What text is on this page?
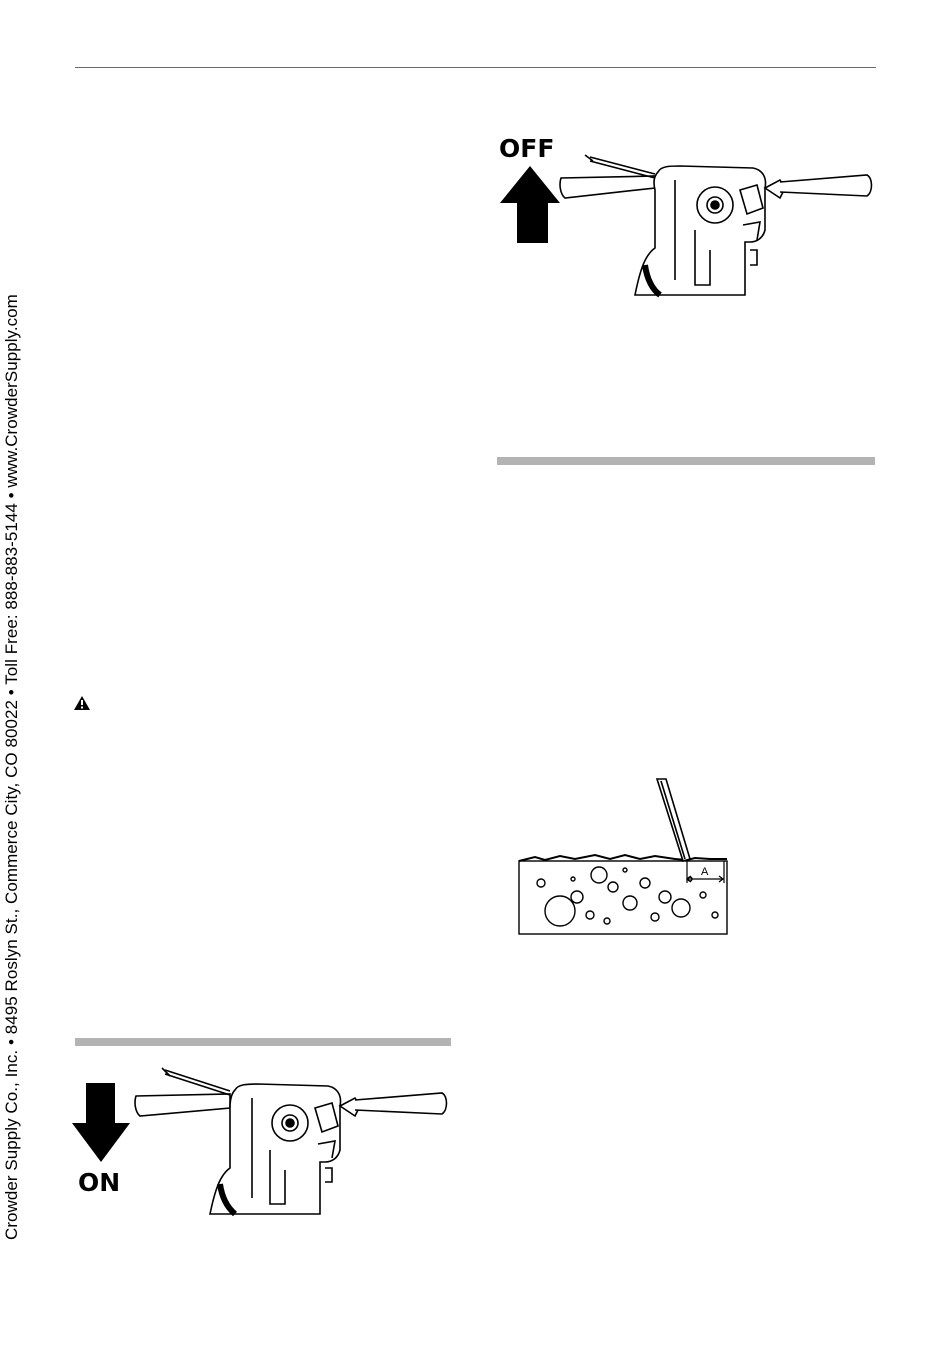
Crowder Supply Co., Inc. • 8495 Roslyn St., Commerce City, CO 80022 • Toll Free: 888-883-5144 • www.CrowderSupply.com
OFF
A
ON
